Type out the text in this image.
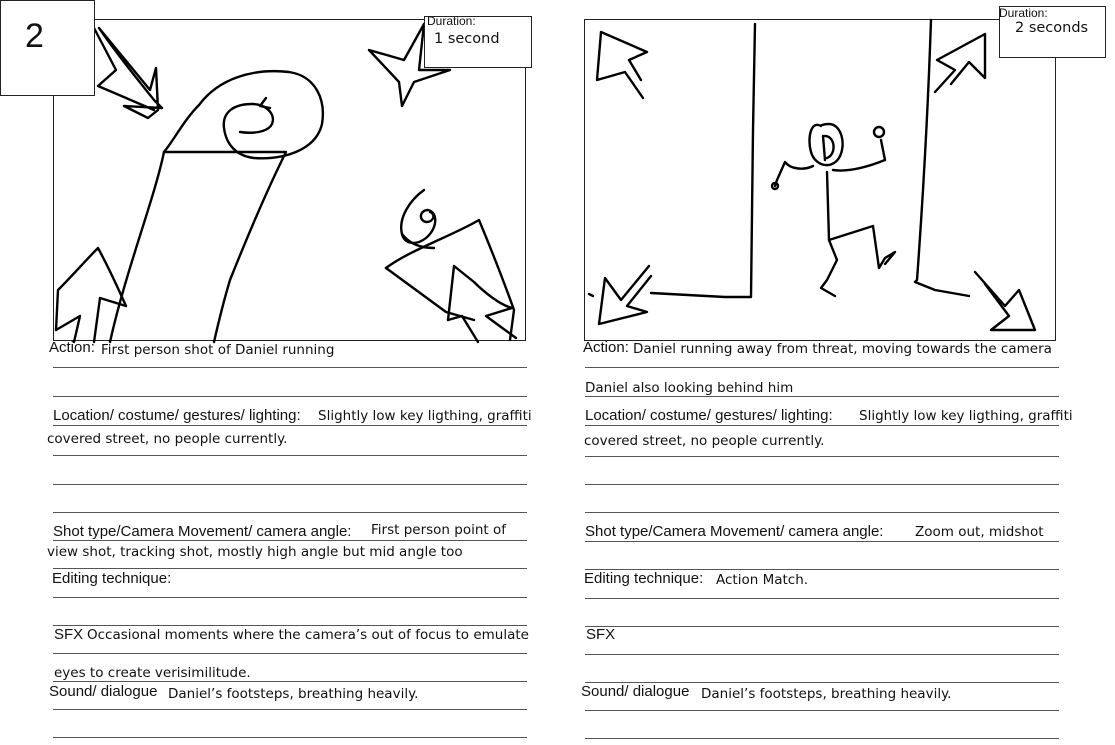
2	Duration:
1 second
Action: First person shot of Daniel running
Location/ costume/ gestures/ lighting: Slightly low key ligthing, graffiti
covered street, no people currently.
Shot type/Camera Movement/ camera angle: First person point of
view shot, tracking shot, mostly high angle but mid angle too
Editing technique:
SFX Occasional moments where the camera’s out of focus to emulate
eyes to create verisimilitude.
Sound/ dialogue Daniel’s footsteps, breathing heavily.
Duration:
2 seconds
Action: Daniel running away from threat, moving towards the camera
Daniel also looking behind him
Location/ costume/ gestures/ lighting: Slightly low key ligthing, graffiti
covered street, no people currently.
Shot type/Camera Movement/ camera angle: Zoom out, midshot
Editing technique: Action Match.
SFX
Sound/ dialogue Daniel’s footsteps, breathing heavily.
